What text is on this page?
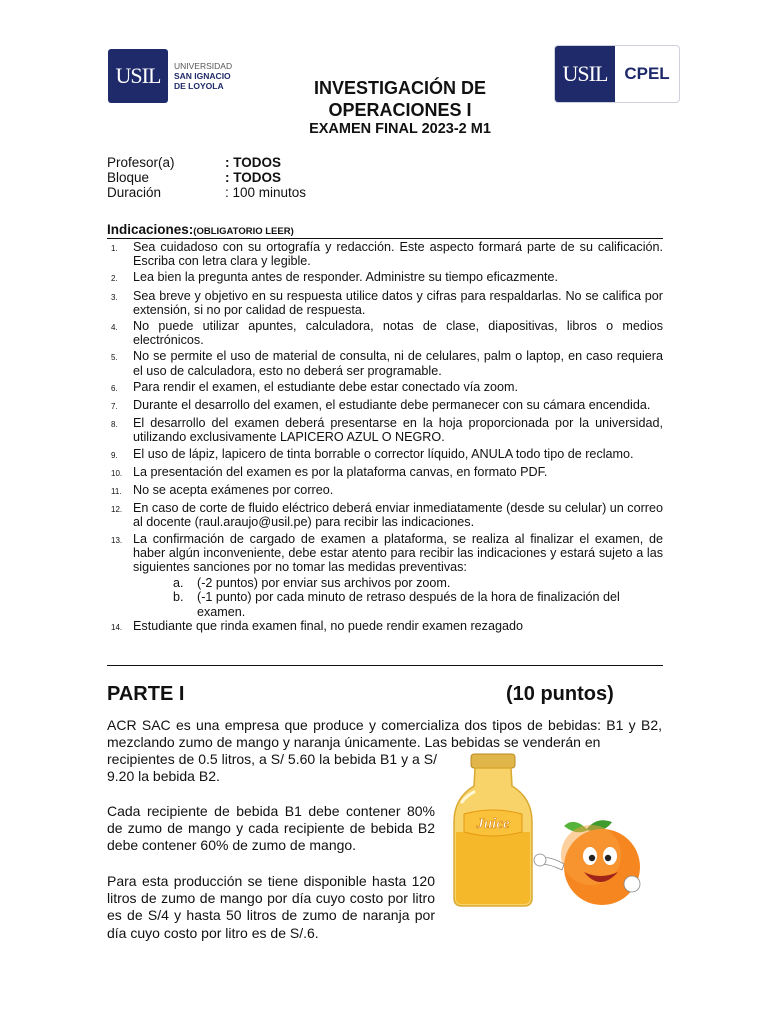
USIL	UNIVERSIDAD
SAN IGNACIO
DE LOYOLA	USIL CPEL
INVESTIGACIÓN DE
OPERACIONES I
EXAMEN FINAL 2023-2 M1
Profesor(a)	: TODOS
Bloque	: TODOS
Duración	: 100 minutos
Indicaciones:(OBLIGATORIO LEER)
1.	Sea cuidadoso con su ortografía y redacción. Este aspecto formará parte de su calificación. Escriba con letra clara y legible.
2.	Lea bien la pregunta antes de responder. Administre su tiempo eficazmente.
3.	Sea breve y objetivo en su respuesta utilice datos y cifras para respaldarlas. No se califica por extensión, si no por calidad de respuesta.
4.	No puede utilizar apuntes, calculadora, notas de clase, diapositivas, libros o medios electrónicos.
5.	No se permite el uso de material de consulta, ni de celulares, palm o laptop, en caso requiera el uso de calculadora, esto no deberá ser programable.
6.	Para rendir el examen, el estudiante debe estar conectado vía zoom.
7.	Durante el desarrollo del examen, el estudiante debe permanecer con su cámara encendida.
8.	El desarrollo del examen deberá presentarse en la hoja proporcionada por la universidad, utilizando exclusivamente LAPICERO AZUL O NEGRO.
9.	El uso de lápiz, lapicero de tinta borrable o corrector líquido, ANULA todo tipo de reclamo.
10. La presentación del examen es por la plataforma canvas, en formato PDF.
11. No se acepta exámenes por correo.
12. En caso de corte de fluido eléctrico deberá enviar inmediatamente (desde su celular) un correo al docente (raul.araujo@usil.pe) para recibir las indicaciones.
13. La confirmación de cargado de examen a plataforma, se realiza al finalizar el examen, de haber algún inconveniente, debe estar atento para recibir las indicaciones y estará sujeto a las siguientes sanciones por no tomar las medidas preventivas:
a.	(-2 puntos) por enviar sus archivos por zoom.
b.	(-1 punto) por cada minuto de retraso después de la hora de finalización del examen.
14. Estudiante que rinda examen final, no puede rendir examen rezagado
PARTE I	(10 puntos)
ACR SAC es una empresa que produce y comercializa dos tipos de bebidas: B1 y B2, mezclando zumo de mango y naranja únicamente. Las bebidas se venderán en
recipientes de 0.5 litros, a S/ 5.60 la bebida B1 y a S/ 9.20 la bebida B2.
Cada recipiente de bebida B1 debe contener 80% de zumo de mango y cada recipiente de bebida B2 debe contener 60% de zumo de mango.
Para esta producción se tiene disponible hasta 120 litros de zumo de mango por día cuyo costo por litro es de S/4 y hasta 50 litros de zumo de naranja por día cuyo costo por litro es de S/.6.
Juice
